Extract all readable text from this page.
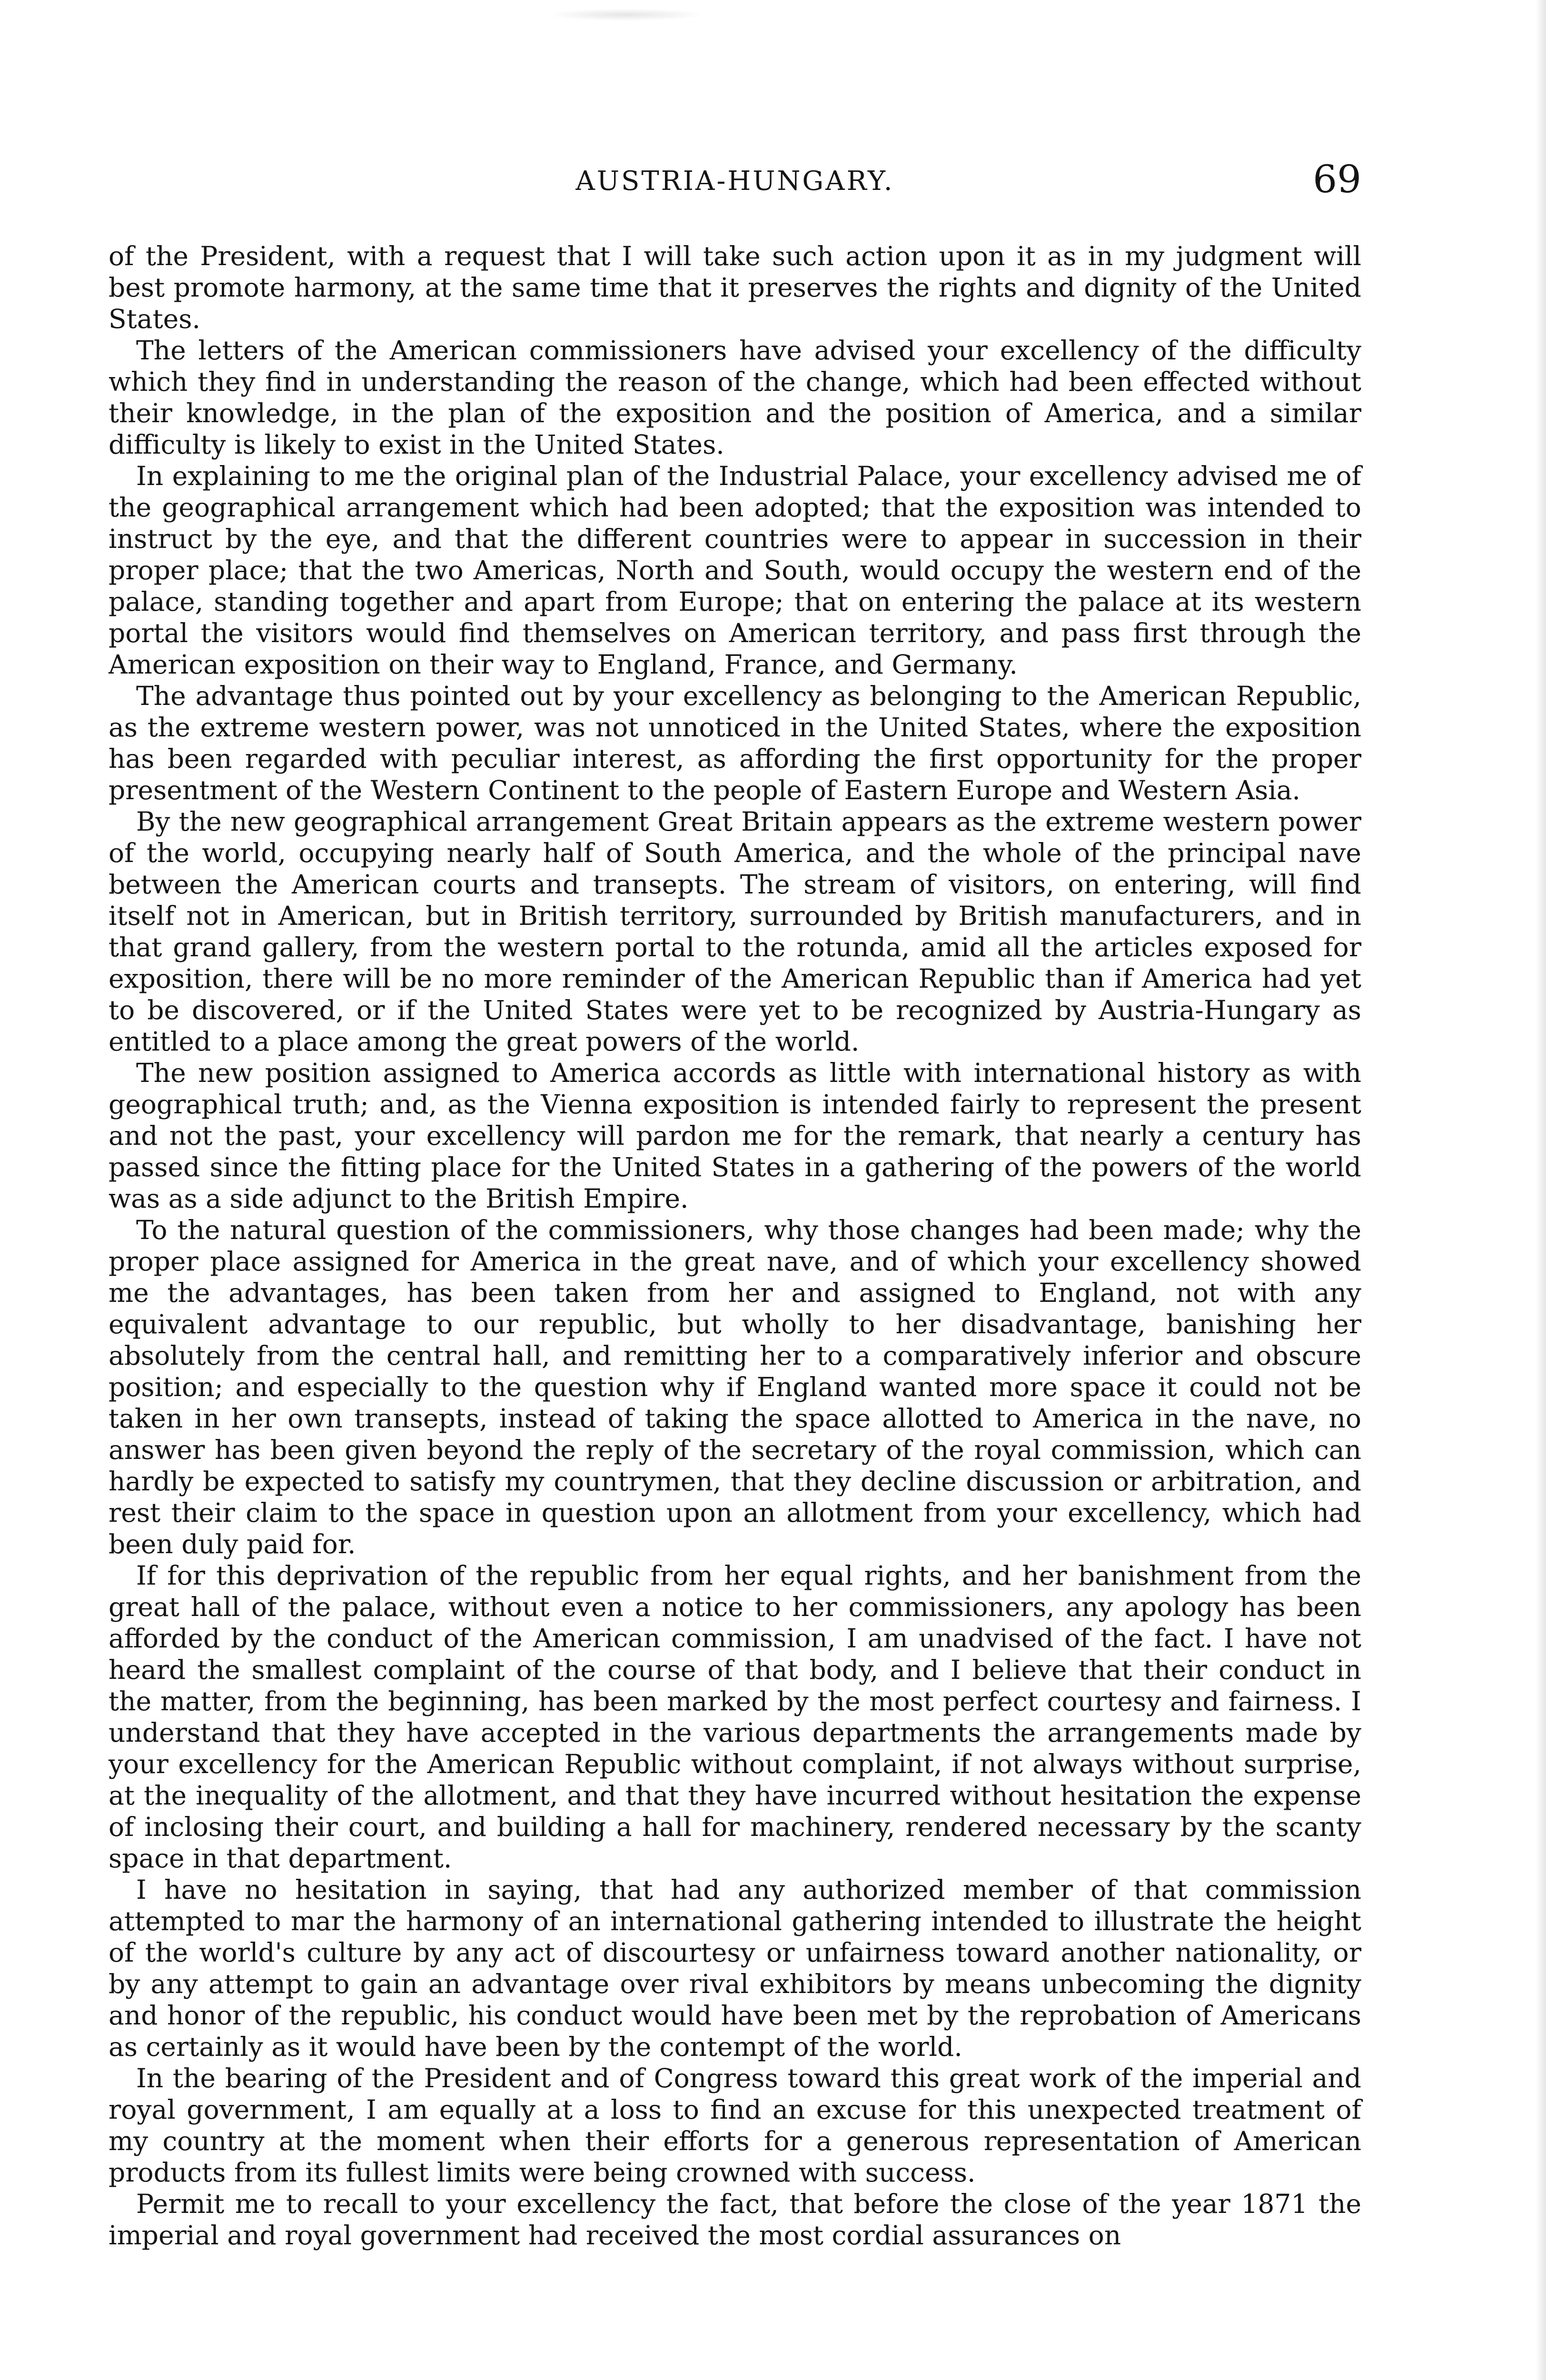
AUSTRIA-HUNGARY.	69

of the President, with a request that I will take such action upon it as in my judgment will best promote harmony, at the same time that it preserves the rights and dignity of the United States.

The letters of the American commissioners have advised your excellency of the difficulty which they find in understanding the reason of the change, which had been effected without their knowledge, in the plan of the exposition and the position of America, and a similar difficulty is likely to exist in the United States.

In explaining to me the original plan of the Industrial Palace, your excellency advised me of the geographical arrangement which had been adopted; that the exposition was intended to instruct by the eye, and that the different countries were to appear in succession in their proper place; that the two Americas, North and South, would occupy the western end of the palace, standing together and apart from Europe; that on entering the palace at its western portal the visitors would find themselves on American territory, and pass first through the American exposition on their way to England, France, and Germany.

The advantage thus pointed out by your excellency as belonging to the American Republic, as the extreme western power, was not unnoticed in the United States, where the exposition has been regarded with peculiar interest, as affording the first opportunity for the proper presentment of the Western Continent to the people of Eastern Europe and Western Asia.

By the new geographical arrangement Great Britain appears as the extreme western power of the world, occupying nearly half of South America, and the whole of the principal nave between the American courts and transepts. The stream of visitors, on entering, will find itself not in American, but in British territory, surrounded by British manufacturers, and in that grand gallery, from the western portal to the rotunda, amid all the articles exposed for exposition, there will be no more reminder of the American Republic than if America had yet to be discovered, or if the United States were yet to be recognized by Austria-Hungary as entitled to a place among the great powers of the world.

The new position assigned to America accords as little with international history as with geographical truth; and, as the Vienna exposition is intended fairly to represent the present and not the past, your excellency will pardon me for the remark, that nearly a century has passed since the fitting place for the United States in a gathering of the powers of the world was as a side adjunct to the British Empire.

To the natural question of the commissioners, why those changes had been made; why the proper place assigned for America in the great nave, and of which your excellency showed me the advantages, has been taken from her and assigned to England, not with any equivalent advantage to our republic, but wholly to her disadvantage, banishing her absolutely from the central hall, and remitting her to a comparatively inferior and obscure position; and especially to the question why if England wanted more space it could not be taken in her own transepts, instead of taking the space allotted to America in the nave, no answer has been given beyond the reply of the secretary of the royal commission, which can hardly be expected to satisfy my countrymen, that they decline discussion or arbitration, and rest their claim to the space in question upon an allotment from your excellency, which had been duly paid for.

If for this deprivation of the republic from her equal rights, and her banishment from the great hall of the palace, without even a notice to her commissioners, any apology has been afforded by the conduct of the American commission, I am unadvised of the fact. I have not heard the smallest complaint of the course of that body, and I believe that their conduct in the matter, from the beginning, has been marked by the most perfect courtesy and fairness. I understand that they have accepted in the various departments the arrangements made by your excellency for the American Republic without complaint, if not always without surprise, at the inequality of the allotment, and that they have incurred without hesitation the expense of inclosing their court, and building a hall for machinery, rendered necessary by the scanty space in that department.

I have no hesitation in saying, that had any authorized member of that commission attempted to mar the harmony of an international gathering intended to illustrate the height of the world's culture by any act of discourtesy or unfairness toward another nationality, or by any attempt to gain an advantage over rival exhibitors by means unbecoming the dignity and honor of the republic, his conduct would have been met by the reprobation of Americans as certainly as it would have been by the contempt of the world.

In the bearing of the President and of Congress toward this great work of the imperial and royal government, I am equally at a loss to find an excuse for this unexpected treatment of my country at the moment when their efforts for a generous representation of American products from its fullest limits were being crowned with success.

Permit me to recall to your excellency the fact, that before the close of the year 1871 the imperial and royal government had received the most cordial assurances on
